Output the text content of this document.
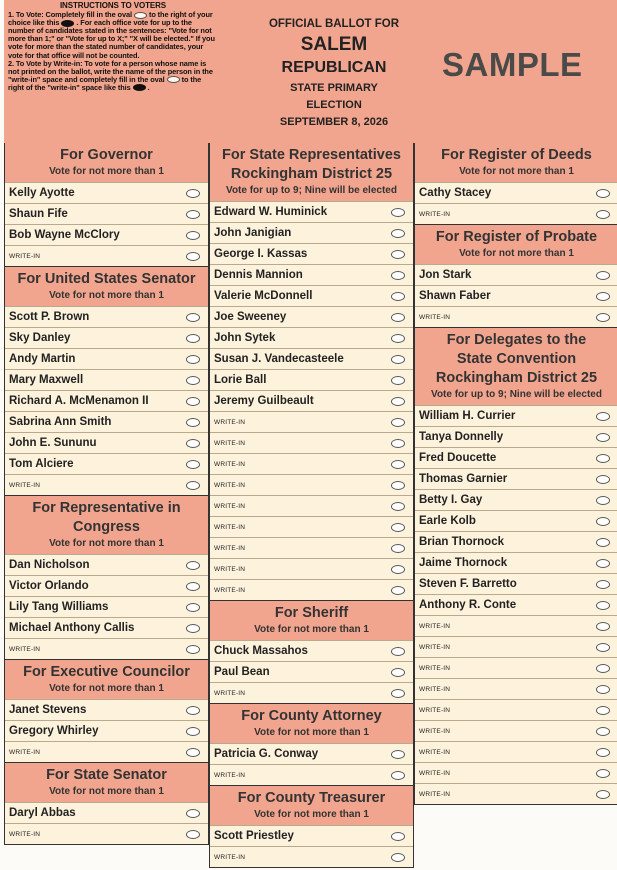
INSTRUCTIONS TO VOTERS
1. To Vote: Completely fill in the oval to the right of your choice like this . For each office vote for up to the number of candidates stated in the sentences: "Vote for not more than 1;" or "Vote for up to X;" "X will be elected." If you vote for more than the stated number of candidates, your vote for that office will not be counted.
2. To Vote by Write-in: To vote for a person whose name is not printed on the ballot, write the name of the person in the "write-in" space and completely fill in the oval to the right of the "write-in" space like this .
OFFICIAL BALLOT FOR
SALEM
REPUBLICAN
STATE PRIMARY
ELECTION
SEPTEMBER 8, 2026
SAMPLE
For Governor
Vote for not more than 1
Kelly Ayotte
Shaun Fife
Bob Wayne McClory
WRITE-IN
For United States Senator
Vote for not more than 1
Scott P. Brown
Sky Danley
Andy Martin
Mary Maxwell
Richard A. McMenamon II
Sabrina Ann Smith
John E. Sununu
Tom Alciere
WRITE-IN
For Representative in Congress
Vote for not more than 1
Dan Nicholson
Victor Orlando
Lily Tang Williams
Michael Anthony Callis
WRITE-IN
For Executive Councilor
Vote for not more than 1
Janet Stevens
Gregory Whirley
WRITE-IN
For State Senator
Vote for not more than 1
Daryl Abbas
WRITE-IN
For State Representatives
Rockingham District 25
Vote for up to 9; Nine will be elected
Edward W. Huminick
John Janigian
George I. Kassas
Dennis Mannion
Valerie McDonnell
Joe Sweeney
John Sytek
Susan J. Vandecasteele
Lorie Ball
Jeremy Guilbeault
WRITE-IN
WRITE-IN
WRITE-IN
WRITE-IN
WRITE-IN
WRITE-IN
WRITE-IN
WRITE-IN
WRITE-IN
For Sheriff
Vote for not more than 1
Chuck Massahos
Paul Bean
WRITE-IN
For County Attorney
Vote for not more than 1
Patricia G. Conway
WRITE-IN
For County Treasurer
Vote for not more than 1
Scott Priestley
WRITE-IN
For Register of Deeds
Vote for not more than 1
Cathy Stacey
WRITE-IN
For Register of Probate
Vote for not more than 1
Jon Stark
Shawn Faber
WRITE-IN
For Delegates to the
State Convention
Rockingham District 25
Vote for up to 9; Nine will be elected
William H. Currier
Tanya Donnelly
Fred Doucette
Thomas Garnier
Betty I. Gay
Earle Kolb
Brian Thornock
Jaime Thornock
Steven F. Barretto
Anthony R. Conte
WRITE-IN
WRITE-IN
WRITE-IN
WRITE-IN
WRITE-IN
WRITE-IN
WRITE-IN
WRITE-IN
WRITE-IN
